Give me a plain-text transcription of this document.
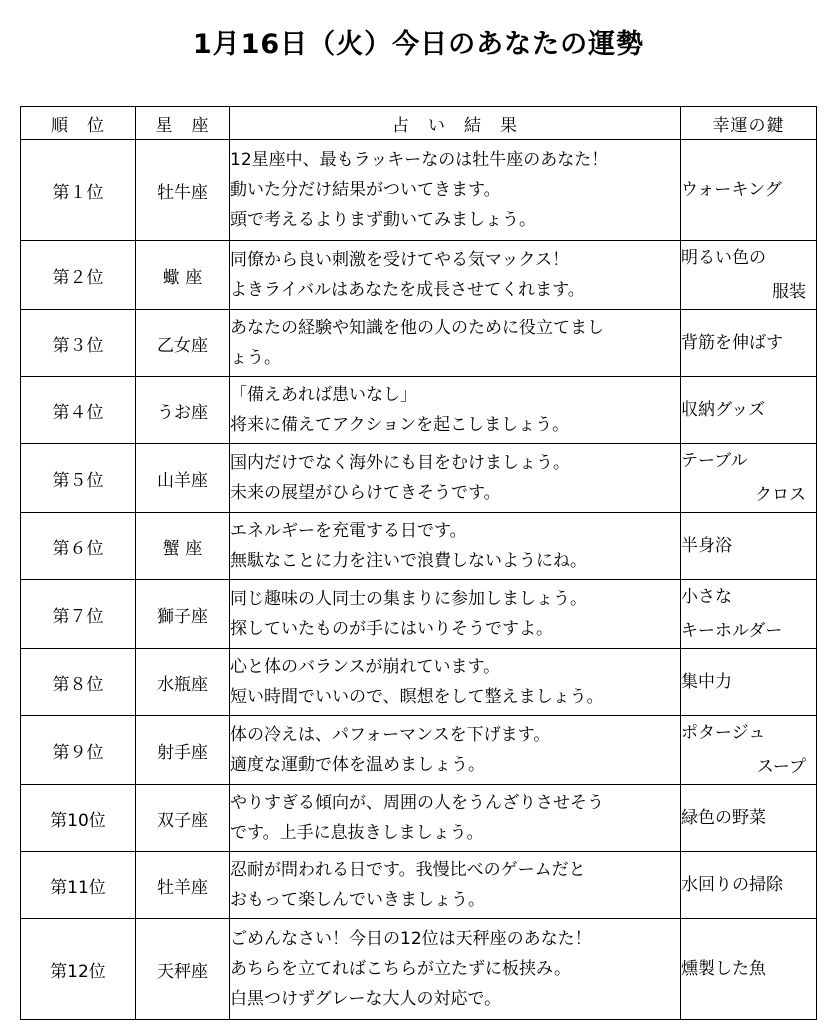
1月16日（火）今日のあなたの運勢
順　位	星　座	占　い　結　果	幸運の鍵
第１位	牡牛座	12星座中、最もラッキーなのは牡牛座のあなた！
動いた分だけ結果がついてきます。
頭で考えるよりまず動いてみましょう。	ウォーキング

第２位	蠍 座	同僚から良い刺激を受けてやる気マックス！
よきライバルはあなたを成長させてくれます。	明るい色の
服装

第３位	乙女座	あなたの経験や知識を他の人のために役立てまし
ょう。	背筋を伸ばす

第４位	うお座	「備えあれば患いなし」
将来に備えてアクションを起こしましょう。	収納グッズ

第５位	山羊座	国内だけでなく海外にも目をむけましょう。
未来の展望がひらけてきそうです。	テーブル
クロス

第６位	蟹 座	エネルギーを充電する日です。
無駄なことに力を注いで浪費しないようにね。	半身浴

第７位	獅子座	同じ趣味の人同士の集まりに参加しましょう。
探していたものが手にはいりそうですよ。	小さな
キーホルダー

第８位	水瓶座	心と体のバランスが崩れています。
短い時間でいいので、瞑想をして整えましょう。	集中力

第９位	射手座	体の冷えは、パフォーマンスを下げます。
適度な運動で体を温めましょう。	ポタージュ
スープ

第10位	双子座	やりすぎる傾向が、周囲の人をうんざりさせそう
です。上手に息抜きしましょう。	緑色の野菜

第11位	牡羊座	忍耐が問われる日です。我慢比べのゲームだと
おもって楽しんでいきましょう。	水回りの掃除

第12位	天秤座	ごめんなさい！今日の12位は天秤座のあなた！
あちらを立てればこちらが立たずに板挟み。
白黒つけずグレーな大人の対応で。	燻製した魚
